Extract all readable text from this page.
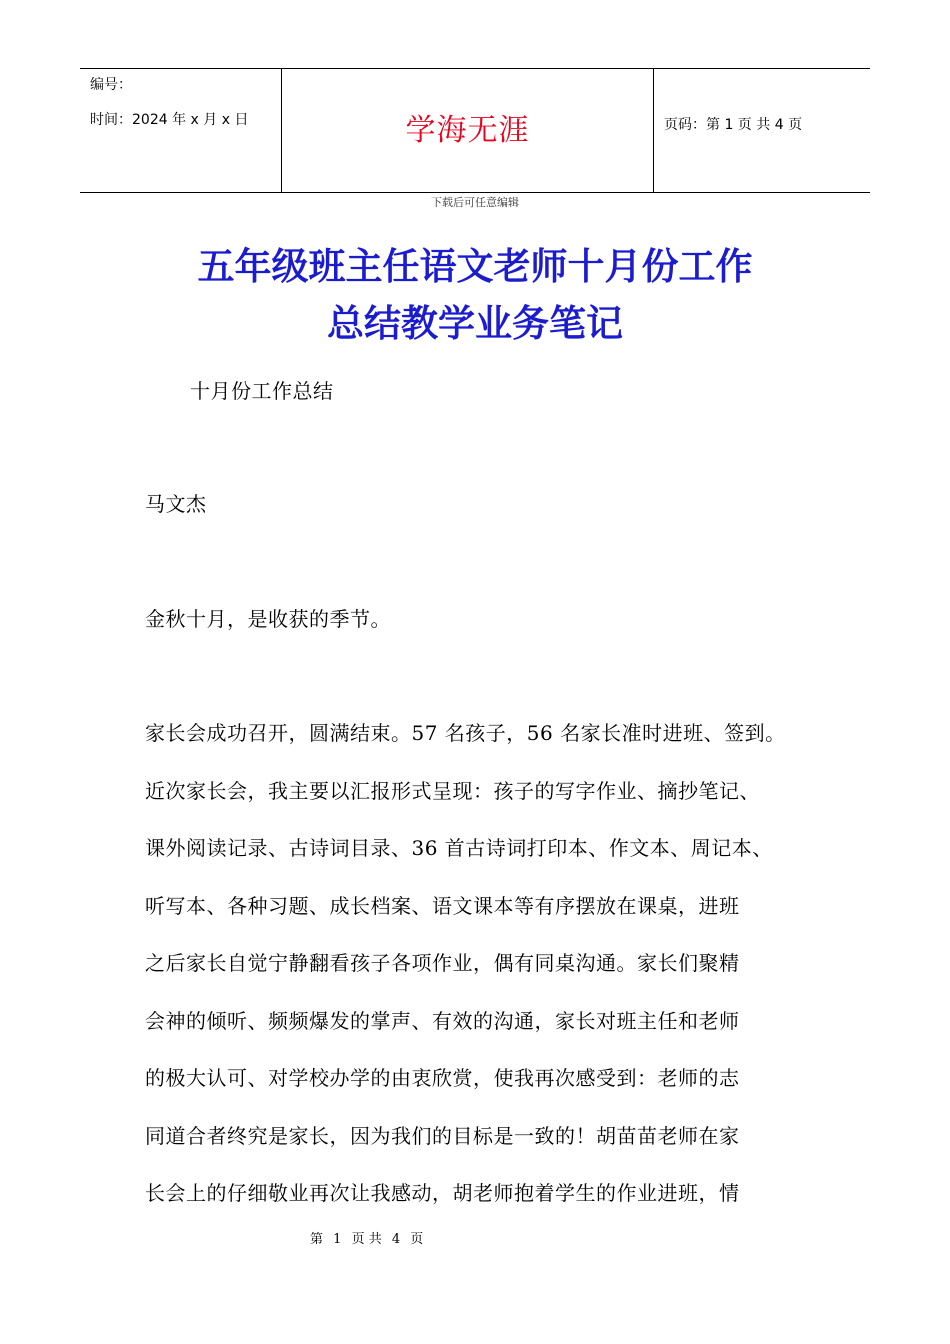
编号：
时间：2024 年 x 月 x 日	学海无涯	页码：第 1 页 共 4 页
下载后可任意编辑
五年级班主任语文老师十月份工作
总结教学业务笔记
十月份工作总结
马文杰
金秋十月，是收获的季节。
家长会成功召开，圆满结束。57 名孩子，56 名家长准时进班、签到。
近次家长会，我主要以汇报形式呈现：孩子的写字作业、摘抄笔记、
课外阅读记录、古诗词目录、36 首古诗词打印本、作文本、周记本、
听写本、各种习题、成长档案、语文课本等有序摆放在课桌，进班
之后家长自觉宁静翻看孩子各项作业，偶有同桌沟通。家长们聚精
会神的倾听、频频爆发的掌声、有效的沟通，家长对班主任和老师
的极大认可、对学校办学的由衷欣赏，使我再次感受到：老师的志
同道合者终究是家长，因为我们的目标是一致的！胡苗苗老师在家
长会上的仔细敬业再次让我感动，胡老师抱着学生的作业进班，情
第 1 页 共 4 页
